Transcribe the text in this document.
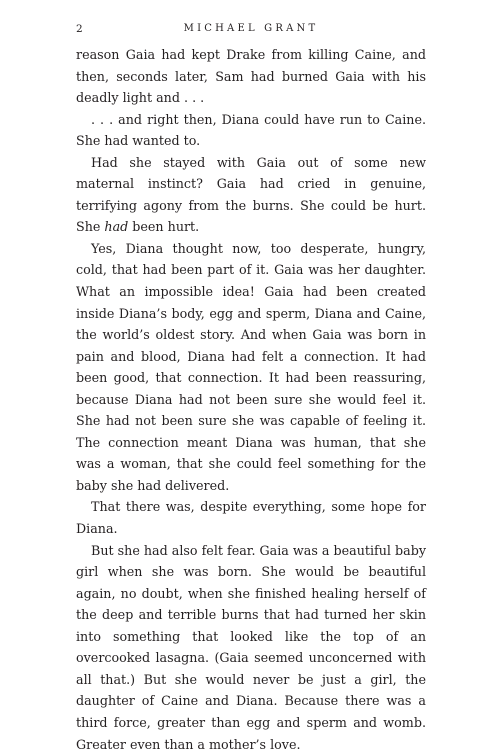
2	MICHAEL GRANT

reason Gaia had kept Drake from killing Caine, and then, seconds later, Sam had burned Gaia with his deadly light and . . .

. . . and right then, Diana could have run to Caine. She had wanted to.

Had she stayed with Gaia out of some new maternal instinct? Gaia had cried in genuine, terrifying agony from the burns. She could be hurt. She had been hurt.

Yes, Diana thought now, too desperate, hungry, cold, that had been part of it. Gaia was her daughter. What an impossible idea! Gaia had been created inside Diana’s body, egg and sperm, Diana and Caine, the world’s oldest story. And when Gaia was born in pain and blood, Diana had felt a connection. It had been good, that connection. It had been reassuring, because Diana had not been sure she would feel it. She had not been sure she was capable of feeling it. The connection meant Diana was human, that she was a woman, that she could feel something for the baby she had delivered.

That there was, despite everything, some hope for Diana.

But she had also felt fear. Gaia was a beautiful baby girl when she was born. She would be beautiful again, no doubt, when she finished healing herself of the deep and terrible burns that had turned her skin into something that looked like the top of an overcooked lasagna. (Gaia seemed unconcerned with all that.) But she would never be just a girl, the daughter of Caine and Diana. Because there was a third force, greater than egg and sperm and womb. Greater even than a mother’s love.
